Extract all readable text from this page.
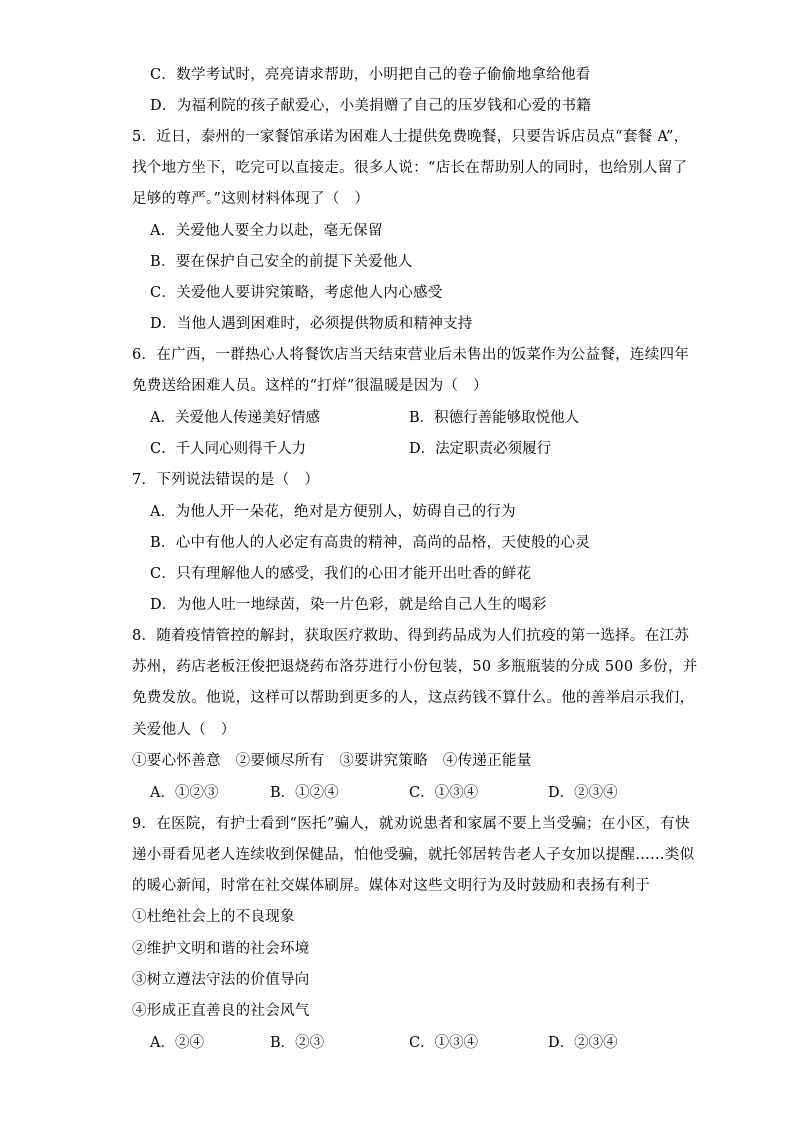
C．数学考试时，亮亮请求帮助，小明把自己的卷子偷偷地拿给他看
D．为福利院的孩子献爱心，小美捐赠了自己的压岁钱和心爱的书籍
5．近日，泰州的一家餐馆承诺为困难人士提供免费晚餐，只要告诉店员点“套餐 A”，
找个地方坐下，吃完可以直接走。很多人说：“店长在帮助别人的同时，也给别人留了
足够的尊严。”这则材料体现了（　）
A．关爱他人要全力以赴，毫无保留
B．要在保护自己安全的前提下关爱他人
C．关爱他人要讲究策略，考虑他人内心感受
D．当他人遇到困难时，必须提供物质和精神支持
6．在广西，一群热心人将餐饮店当天结束营业后未售出的饭菜作为公益餐，连续四年
免费送给困难人员。这样的“打烊”很温暖是因为（　）
A．关爱他人传递美好情感	B．积德行善能够取悦他人
C．千人同心则得千人力	D．法定职责必须履行
7．下列说法错误的是（　）
A．为他人开一朵花，绝对是方便别人，妨碍自己的行为
B．心中有他人的人必定有高贵的精神，高尚的品格，天使般的心灵
C．只有理解他人的感受，我们的心田才能开出吐香的鲜花
D．为他人吐一地绿茵，染一片色彩，就是给自己人生的喝彩
8．随着疫情管控的解封，获取医疗救助、得到药品成为人们抗疫的第一选择。在江苏
苏州，药店老板汪俊把退烧药布洛芬进行小份包装，50 多瓶瓶装的分成 500 多份，并
免费发放。他说，这样可以帮助到更多的人，这点药钱不算什么。他的善举启示我们，
关爱他人（　）
①要心怀善意　②要倾尽所有　③要讲究策略　④传递正能量
A．①②③	B．①②④	C．①③④	D．②③④
9．在医院，有护士看到“医托”骗人，就劝说患者和家属不要上当受骗；在小区，有快
递小哥看见老人连续收到保健品，怕他受骗，就托邻居转告老人子女加以提醒……类似
的暖心新闻，时常在社交媒体刷屏。媒体对这些文明行为及时鼓励和表扬有利于
①杜绝社会上的不良现象
②维护文明和谐的社会环境
③树立遵法守法的价值导向
④形成正直善良的社会风气
A．②④	B．②③	C．①③④	D．②③④
